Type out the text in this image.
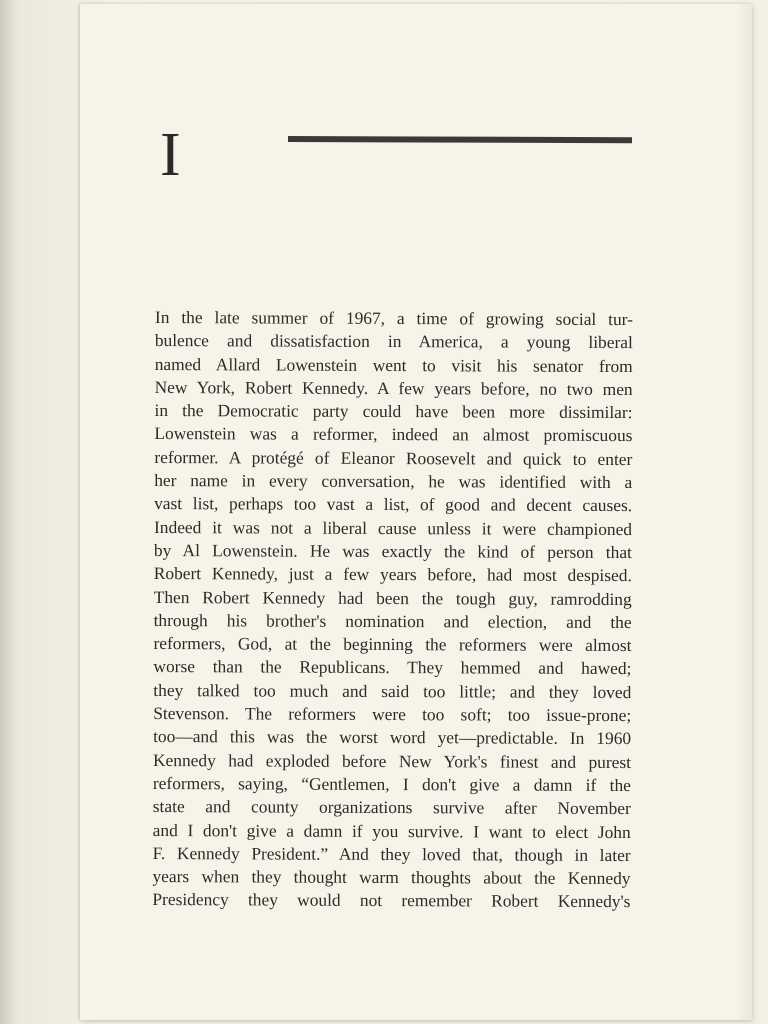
I
In the late summer of 1967, a time of growing social tur-
bulence and dissatisfaction in America, a young liberal
named Allard Lowenstein went to visit his senator from
New York, Robert Kennedy. A few years before, no two men
in the Democratic party could have been more dissimilar:
Lowenstein was a reformer, indeed an almost promiscuous
reformer. A protégé of Eleanor Roosevelt and quick to enter
her name in every conversation, he was identified with a
vast list, perhaps too vast a list, of good and decent causes.
Indeed it was not a liberal cause unless it were championed
by Al Lowenstein. He was exactly the kind of person that
Robert Kennedy, just a few years before, had most despised.
Then Robert Kennedy had been the tough guy, ramrodding
through his brother's nomination and election, and the
reformers, God, at the beginning the reformers were almost
worse than the Republicans. They hemmed and hawed;
they talked too much and said too little; and they loved
Stevenson. The reformers were too soft; too issue-prone;
too—and this was the worst word yet—predictable. In 1960
Kennedy had exploded before New York's finest and purest
reformers, saying, “Gentlemen, I don't give a damn if the
state and county organizations survive after November
and I don't give a damn if you survive. I want to elect John
F. Kennedy President.” And they loved that, though in later
years when they thought warm thoughts about the Kennedy
Presidency they would not remember Robert Kennedy's
